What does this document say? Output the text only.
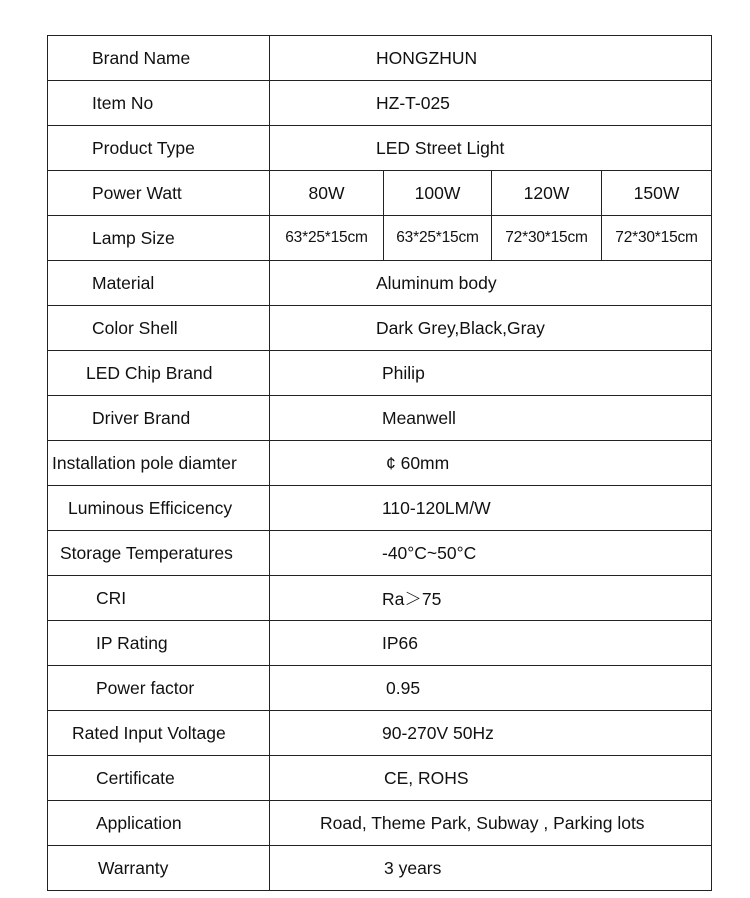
Brand Name	HONGZHUN			
Item No	HZ-T-025			
Product Type	LED Street Light			
Power Watt	80W	100W	120W	150W
Lamp Size	63*25*15cm	63*25*15cm	72*30*15cm	72*30*15cm
Material	Aluminum body			
Color Shell	Dark Grey,Black,Gray			
LED Chip Brand	Philip			
Driver Brand	Meanwell			
Installation pole diamter	¢ 60mm			
Luminous Efficicency	110-120LM/W			
Storage Temperatures	-40°C~50°C			
CRI	Ra＞75			
IP Rating	IP66			
Power factor	0.95			
Rated Input Voltage	90-270V 50Hz			
Certificate	CE, ROHS			
Application	Road, Theme Park, Subway , Parking lots			
Warranty	3 years			
